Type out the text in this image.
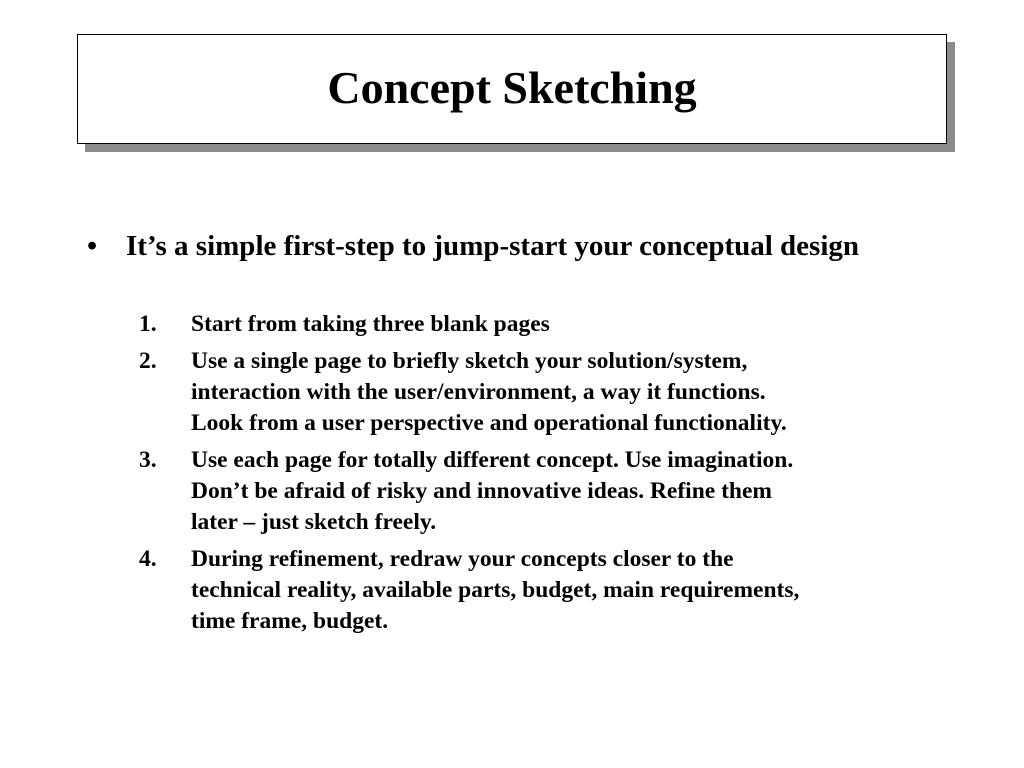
Concept Sketching
• It’s a simple first-step to jump-start your conceptual design
1.	Start from taking three blank pages
2.	Use a single page to briefly sketch your solution/system,
interaction with the user/environment, a way it functions.
Look from a user perspective and operational functionality.
3.	Use each page for totally different concept. Use imagination.
Don’t be afraid of risky and innovative ideas. Refine them
later – just sketch freely.
4.	During refinement, redraw your concepts closer to the
technical reality, available parts, budget, main requirements,
time frame, budget.
